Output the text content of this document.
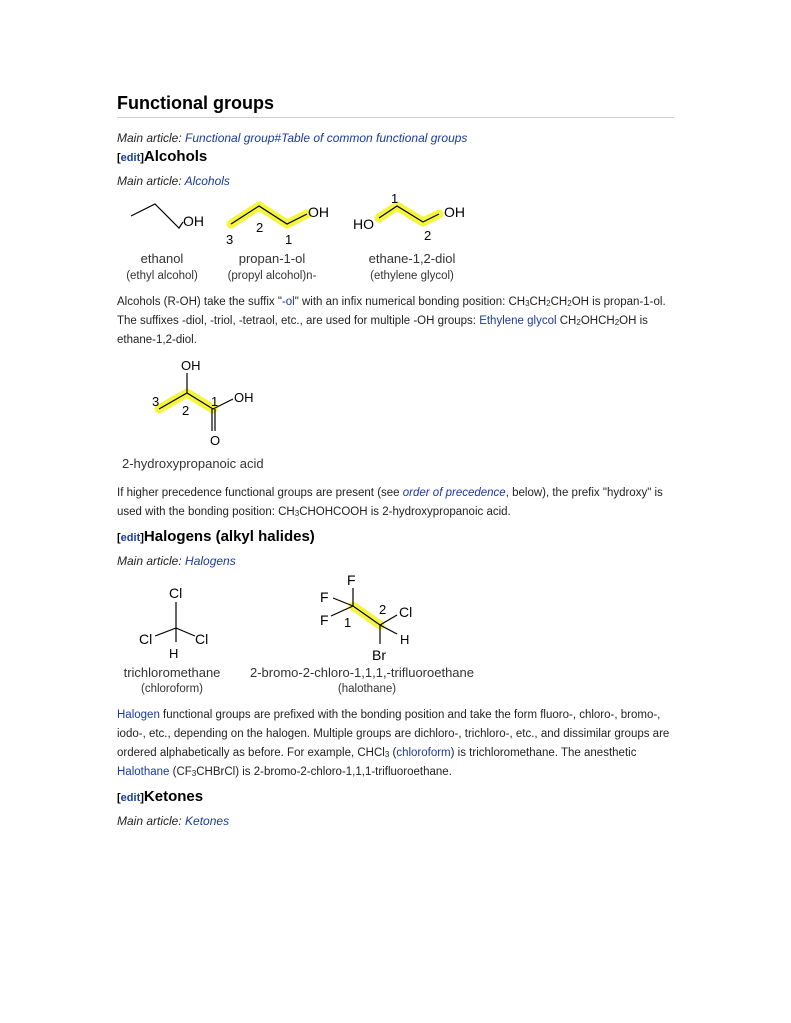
Functional groups
Main article: Functional group#Table of common functional groups
[edit]Alcohols
Main article: Alcohols
OH
ethanol
(ethyl alcohol)
OH
2
3	1
propan-1-ol
(propyl alcohol)n-
1
HO
OH
2
ethane-1,2-diol
(ethylene glycol)
Alcohols (R-OH) take the suffix "-ol" with an infix numerical bonding position: $CH_3CH_2CH_2OH$ is propan-1-ol. The suffixes -diol, -triol, -tetraol, etc., are used for multiple -OH groups: Ethylene glycol $CH_2OHCH_2OH$ is ethane-1,2-diol.
OH
3
2
1 OH
O
2-hydroxypropanoic acid
If higher precedence functional groups are present (see order of precedence, below), the prefix "hydroxy" is used with the bonding position: $CH_3CHOHCOOH$ is 2-hydroxypropanoic acid.
[edit]Halogens (alkyl halides)
Main article: Halogens
Cl
Cl	Cl
H
trichloromethane
(chloroform)
F
F
F 1
2 Cl
H
Br
2-bromo-2-chloro-1,1,1,-trifluoroethane
(halothane)
Halogen functional groups are prefixed with the bonding position and take the form fluoro-, chloro-, bromo-, iodo-, etc., depending on the halogen. Multiple groups are dichloro-, trichloro-, etc., and dissimilar groups are ordered alphabetically as before. For example, CHCl$_3$ (chloroform) is trichloromethane. The anesthetic Halothane $(CF_3CHBrCl)$ is 2-bromo-2-chloro-1,1,1-trifluoroethane.
[edit]Ketones
Main article: Ketones
